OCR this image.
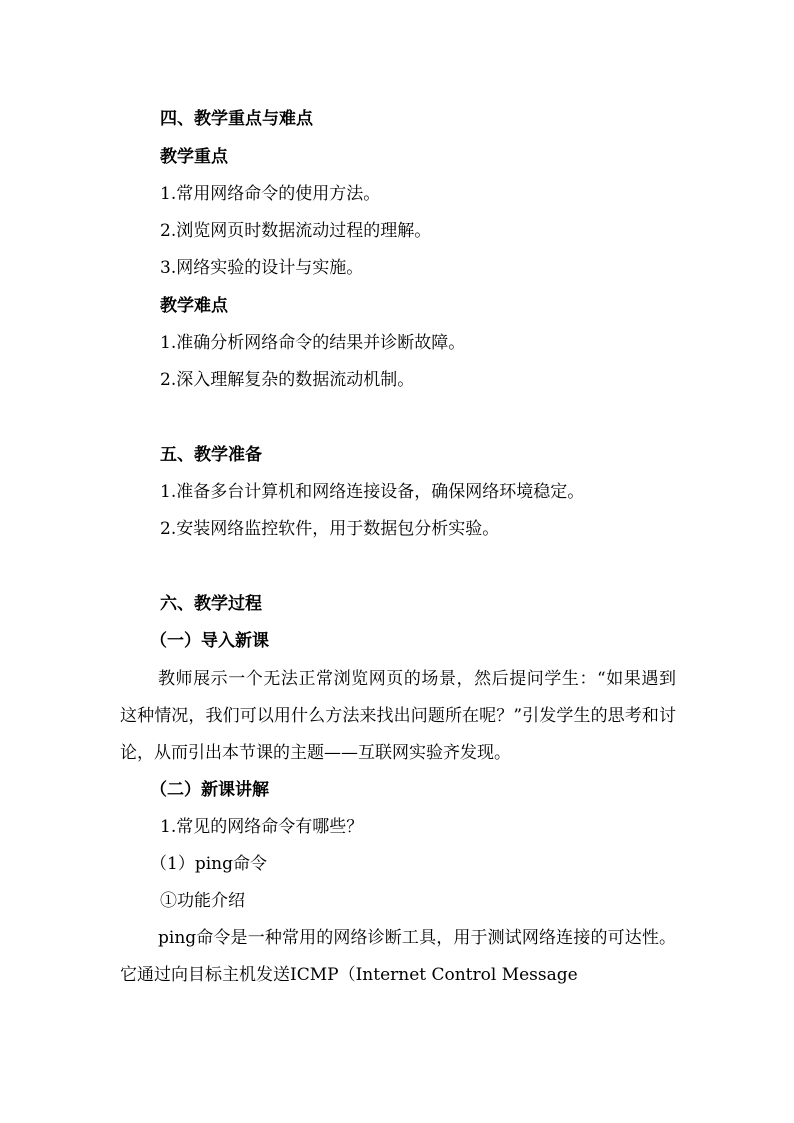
四、教学重点与难点
教学重点
1.常用网络命令的使用方法。
2.浏览网页时数据流动过程的理解。
3.网络实验的设计与实施。
教学难点
1.准确分析网络命令的结果并诊断故障。
2.深入理解复杂的数据流动机制。
五、教学准备
1.准备多台计算机和网络连接设备，确保网络环境稳定。
2.安装网络监控软件，用于数据包分析实验。
六、教学过程
（一）导入新课
教师展示一个无法正常浏览网页的场景，然后提问学生：“如果遇到这种情况，我们可以用什么方法来找出问题所在呢？”引发学生的思考和讨论，从而引出本节课的主题——互联网实验齐发现。
（二）新课讲解
1.常见的网络命令有哪些？
（1）ping命令
①功能介绍
ping命令是一种常用的网络诊断工具，用于测试网络连接的可达性。它通过向目标主机发送ICMP（Internet Control Message
